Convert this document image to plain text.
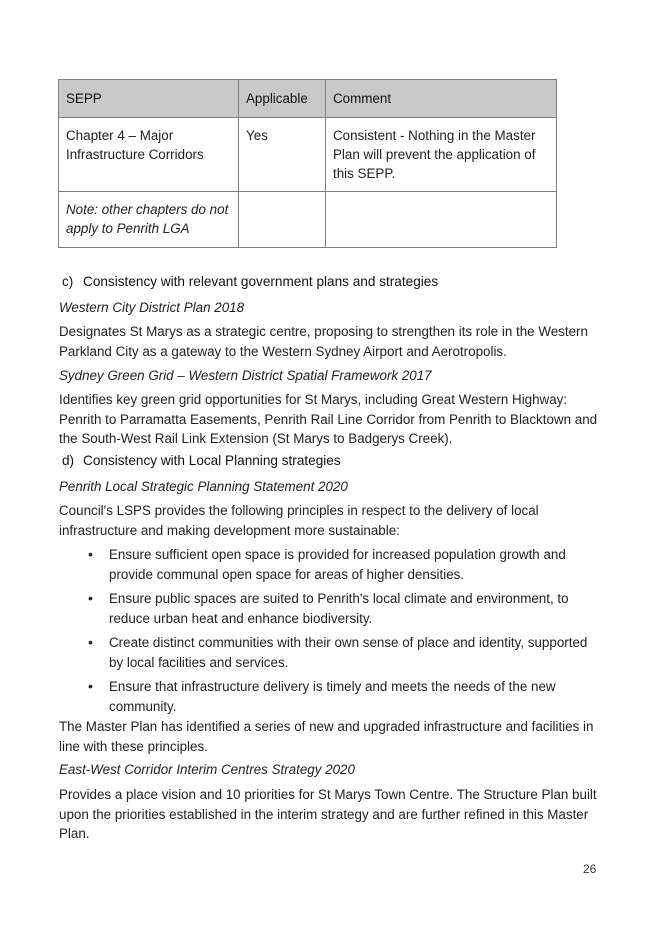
SEPP	Applicable	Comment
Chapter 4 – Major Infrastructure Corridors	Yes	Consistent - Nothing in the Master Plan will prevent the application of this SEPP.
Note: other chapters do not apply to Penrith LGA		
c) Consistency with relevant government plans and strategies
Western City District Plan 2018
Designates St Marys as a strategic centre, proposing to strengthen its role in the Western Parkland City as a gateway to the Western Sydney Airport and Aerotropolis.
Sydney Green Grid – Western District Spatial Framework 2017
Identifies key green grid opportunities for St Marys, including Great Western Highway: Penrith to Parramatta Easements, Penrith Rail Line Corridor from Penrith to Blacktown and the South-West Rail Link Extension (St Marys to Badgerys Creek).
d) Consistency with Local Planning strategies
Penrith Local Strategic Planning Statement 2020
Council's LSPS provides the following principles in respect to the delivery of local infrastructure and making development more sustainable:
• Ensure sufficient open space is provided for increased population growth and provide communal open space for areas of higher densities.
• Ensure public spaces are suited to Penrith's local climate and environment, to reduce urban heat and enhance biodiversity.
• Create distinct communities with their own sense of place and identity, supported by local facilities and services.
• Ensure that infrastructure delivery is timely and meets the needs of the new community.
The Master Plan has identified a series of new and upgraded infrastructure and facilities in line with these principles.
East-West Corridor Interim Centres Strategy 2020
Provides a place vision and 10 priorities for St Marys Town Centre. The Structure Plan built upon the priorities established in the interim strategy and are further refined in this Master Plan.
26
